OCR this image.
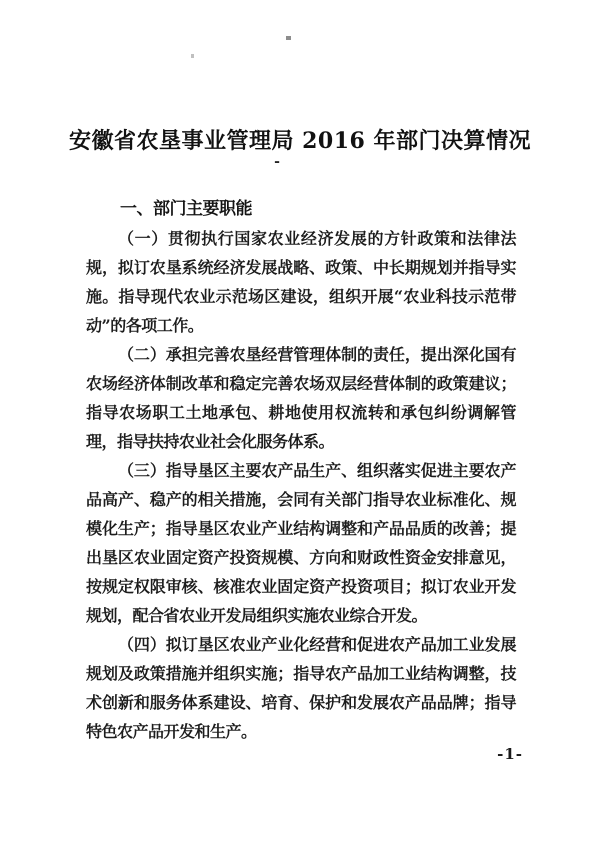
安徽省农垦事业管理局 2016 年部门决算情况
-
一、部门主要职能

（一）贯彻执行国家农业经济发展的方针政策和法律法规，拟订农垦系统经济发展战略、政策、中长期规划并指导实施。指导现代农业示范场区建设，组织开展“农业科技示范带动”的各项工作。

（二）承担完善农垦经营管理体制的责任，提出深化国有农场经济体制改革和稳定完善农场双层经营体制的政策建议；指导农场职工土地承包、耕地使用权流转和承包纠纷调解管理，指导扶持农业社会化服务体系。

（三）指导垦区主要农产品生产、组织落实促进主要农产品高产、稳产的相关措施，会同有关部门指导农业标准化、规模化生产；指导垦区农业产业结构调整和产品品质的改善；提出垦区农业固定资产投资规模、方向和财政性资金安排意见，按规定权限审核、核准农业固定资产投资项目；拟订农业开发规划，配合省农业开发局组织实施农业综合开发。

（四）拟订垦区农业产业化经营和促进农产品加工业发展规划及政策措施并组织实施；指导农产品加工业结构调整，技术创新和服务体系建设、培育、保护和发展农产品品牌；指导特色农产品开发和生产。

-1-
